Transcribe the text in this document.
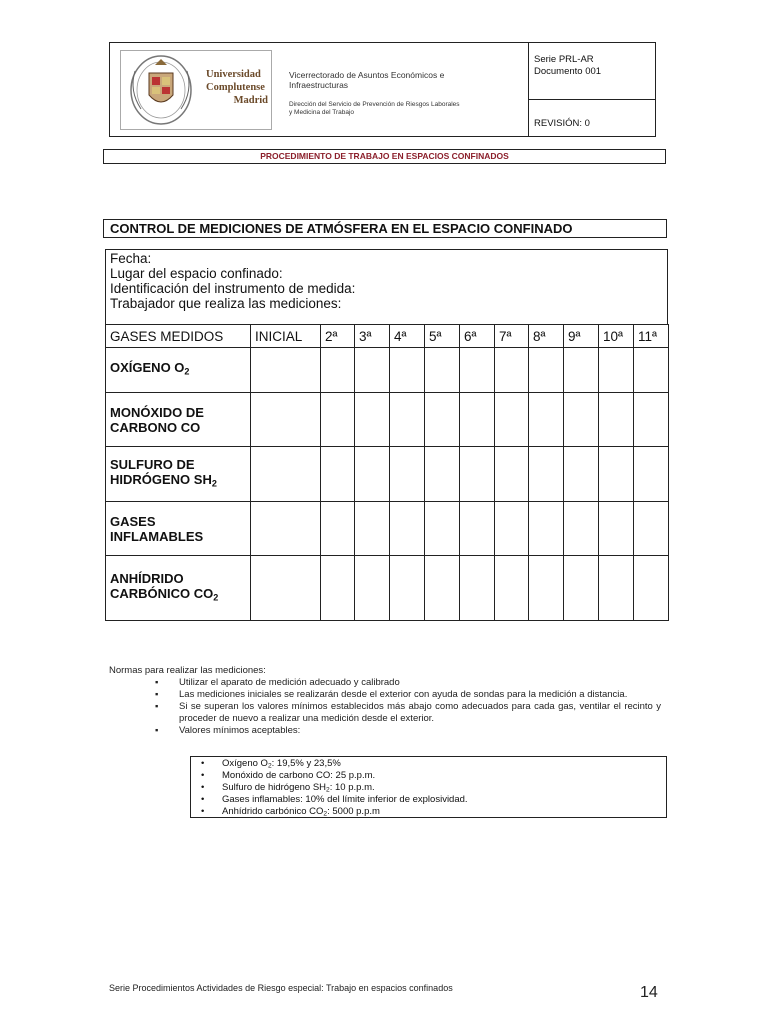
Universidad
Complutense
Madrid
Vicerrectorado de Asuntos Económicos e Infraestructuras
Dirección del Servicio de Prevención de Riesgos Laborales
y Medicina del Trabajo
Serie PRL-AR
Documento 001
REVISIÓN: 0
PROCEDIMIENTO DE TRABAJO EN ESPACIOS CONFINADOS
CONTROL DE MEDICIONES DE ATMÓSFERA EN EL ESPACIO CONFINADO
Fecha:
Lugar del espacio confinado:
Identificación del instrumento de medida:
Trabajador que realiza las mediciones:
GASES MEDIDOS	INICIAL	2ª	3ª	4ª	5ª	6ª	7ª	8ª	9ª	10ª	11ª
OXÍGENO $O_2$											
MONÓXIDO DE
CARBONO CO											
SULFURO DE
HIDRÓGENO $SH_2$											
GASES
INFLAMABLES											
ANHÍDRIDO
CARBÓNICO $CO_2$											
Normas para realizar las mediciones:
▪ Utilizar el aparato de medición adecuado y calibrado
▪ Las mediciones iniciales se realizarán desde el exterior con ayuda de sondas para la medición a distancia.
▪ Si se superan los valores mínimos establecidos más abajo como adecuados para cada gas, ventilar el recinto y proceder de nuevo a realizar una medición desde el exterior.
▪ Valores mínimos aceptables:
• Oxígeno $O_2$: 19,5% y 23,5%
• Monóxido de carbono CO: 25 p.p.m.
• Sulfuro de hidrógeno $SH_2$: 10 p.p.m.
• Gases inflamables: 10% del límite inferior de explosividad.
• Anhídrido carbónico $CO_2$: 5000 p.p.m
Serie Procedimientos Actividades de Riesgo especial: Trabajo en espacios confinados	14
